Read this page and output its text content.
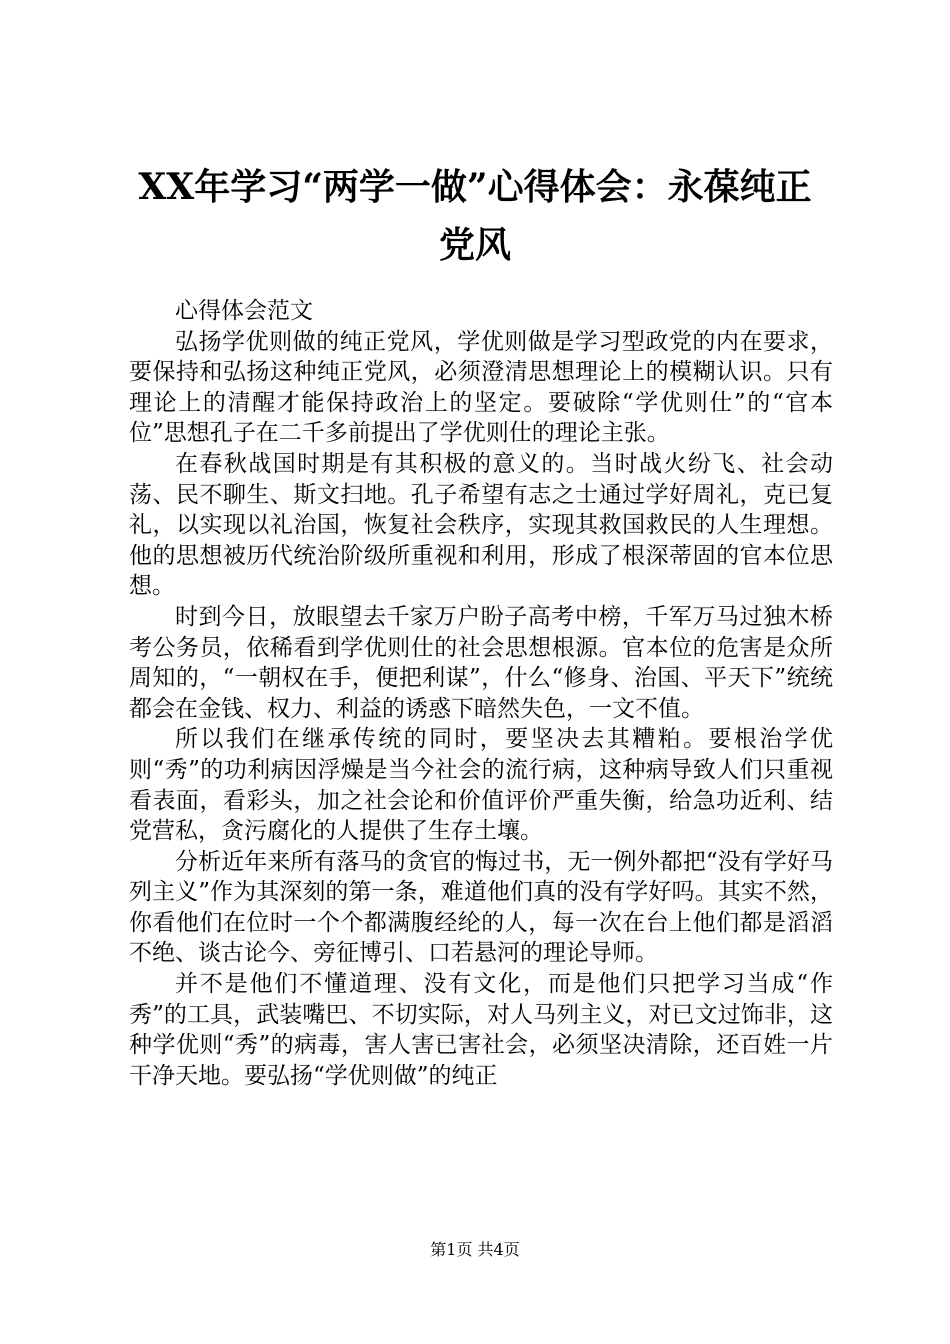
XX年学习“两学一做”心得体会：永葆纯正
党风

心得体会范文

弘扬学优则做的纯正党风，学优则做是学习型政党的内在要求，要保持和弘扬这种纯正党风，必须澄清思想理论上的模糊认识。只有理论上的清醒才能保持政治上的坚定。要破除“学优则仕”的“官本位”思想孔子在二千多前提出了学优则仕的理论主张。

在春秋战国时期是有其积极的意义的。当时战火纷飞、社会动荡、民不聊生、斯文扫地。孔子希望有志之士通过学好周礼，克已复礼，以实现以礼治国，恢复社会秩序，实现其救国救民的人生理想。他的思想被历代统治阶级所重视和利用，形成了根深蒂固的官本位思想。

时到今日，放眼望去千家万户盼子高考中榜，千军万马过独木桥考公务员，依稀看到学优则仕的社会思想根源。官本位的危害是众所周知的，“一朝权在手，便把利谋”，什么“修身、治国、平天下”统统都会在金钱、权力、利益的诱惑下暗然失色，一文不值。

所以我们在继承传统的同时，要坚决去其糟粕。要根治学优则“秀”的功利病因浮燥是当今社会的流行病，这种病导致人们只重视看表面，看彩头，加之社会论和价值评价严重失衡，给急功近利、结党营私，贪污腐化的人提供了生存土壤。

分析近年来所有落马的贪官的悔过书，无一例外都把“没有学好马列主义”作为其深刻的第一条，难道他们真的没有学好吗。其实不然，你看他们在位时一个个都满腹经纶的人，每一次在台上他们都是滔滔不绝、谈古论今、旁征博引、口若悬河的理论导师。

并不是他们不懂道理、没有文化，而是他们只把学习当成“作秀”的工具，武装嘴巴、不切实际，对人马列主义，对已文过饰非，这种学优则“秀”的病毒，害人害已害社会，必须坚决清除，还百姓一片干净天地。要弘扬“学优则做”的纯正

第1页 共4页
